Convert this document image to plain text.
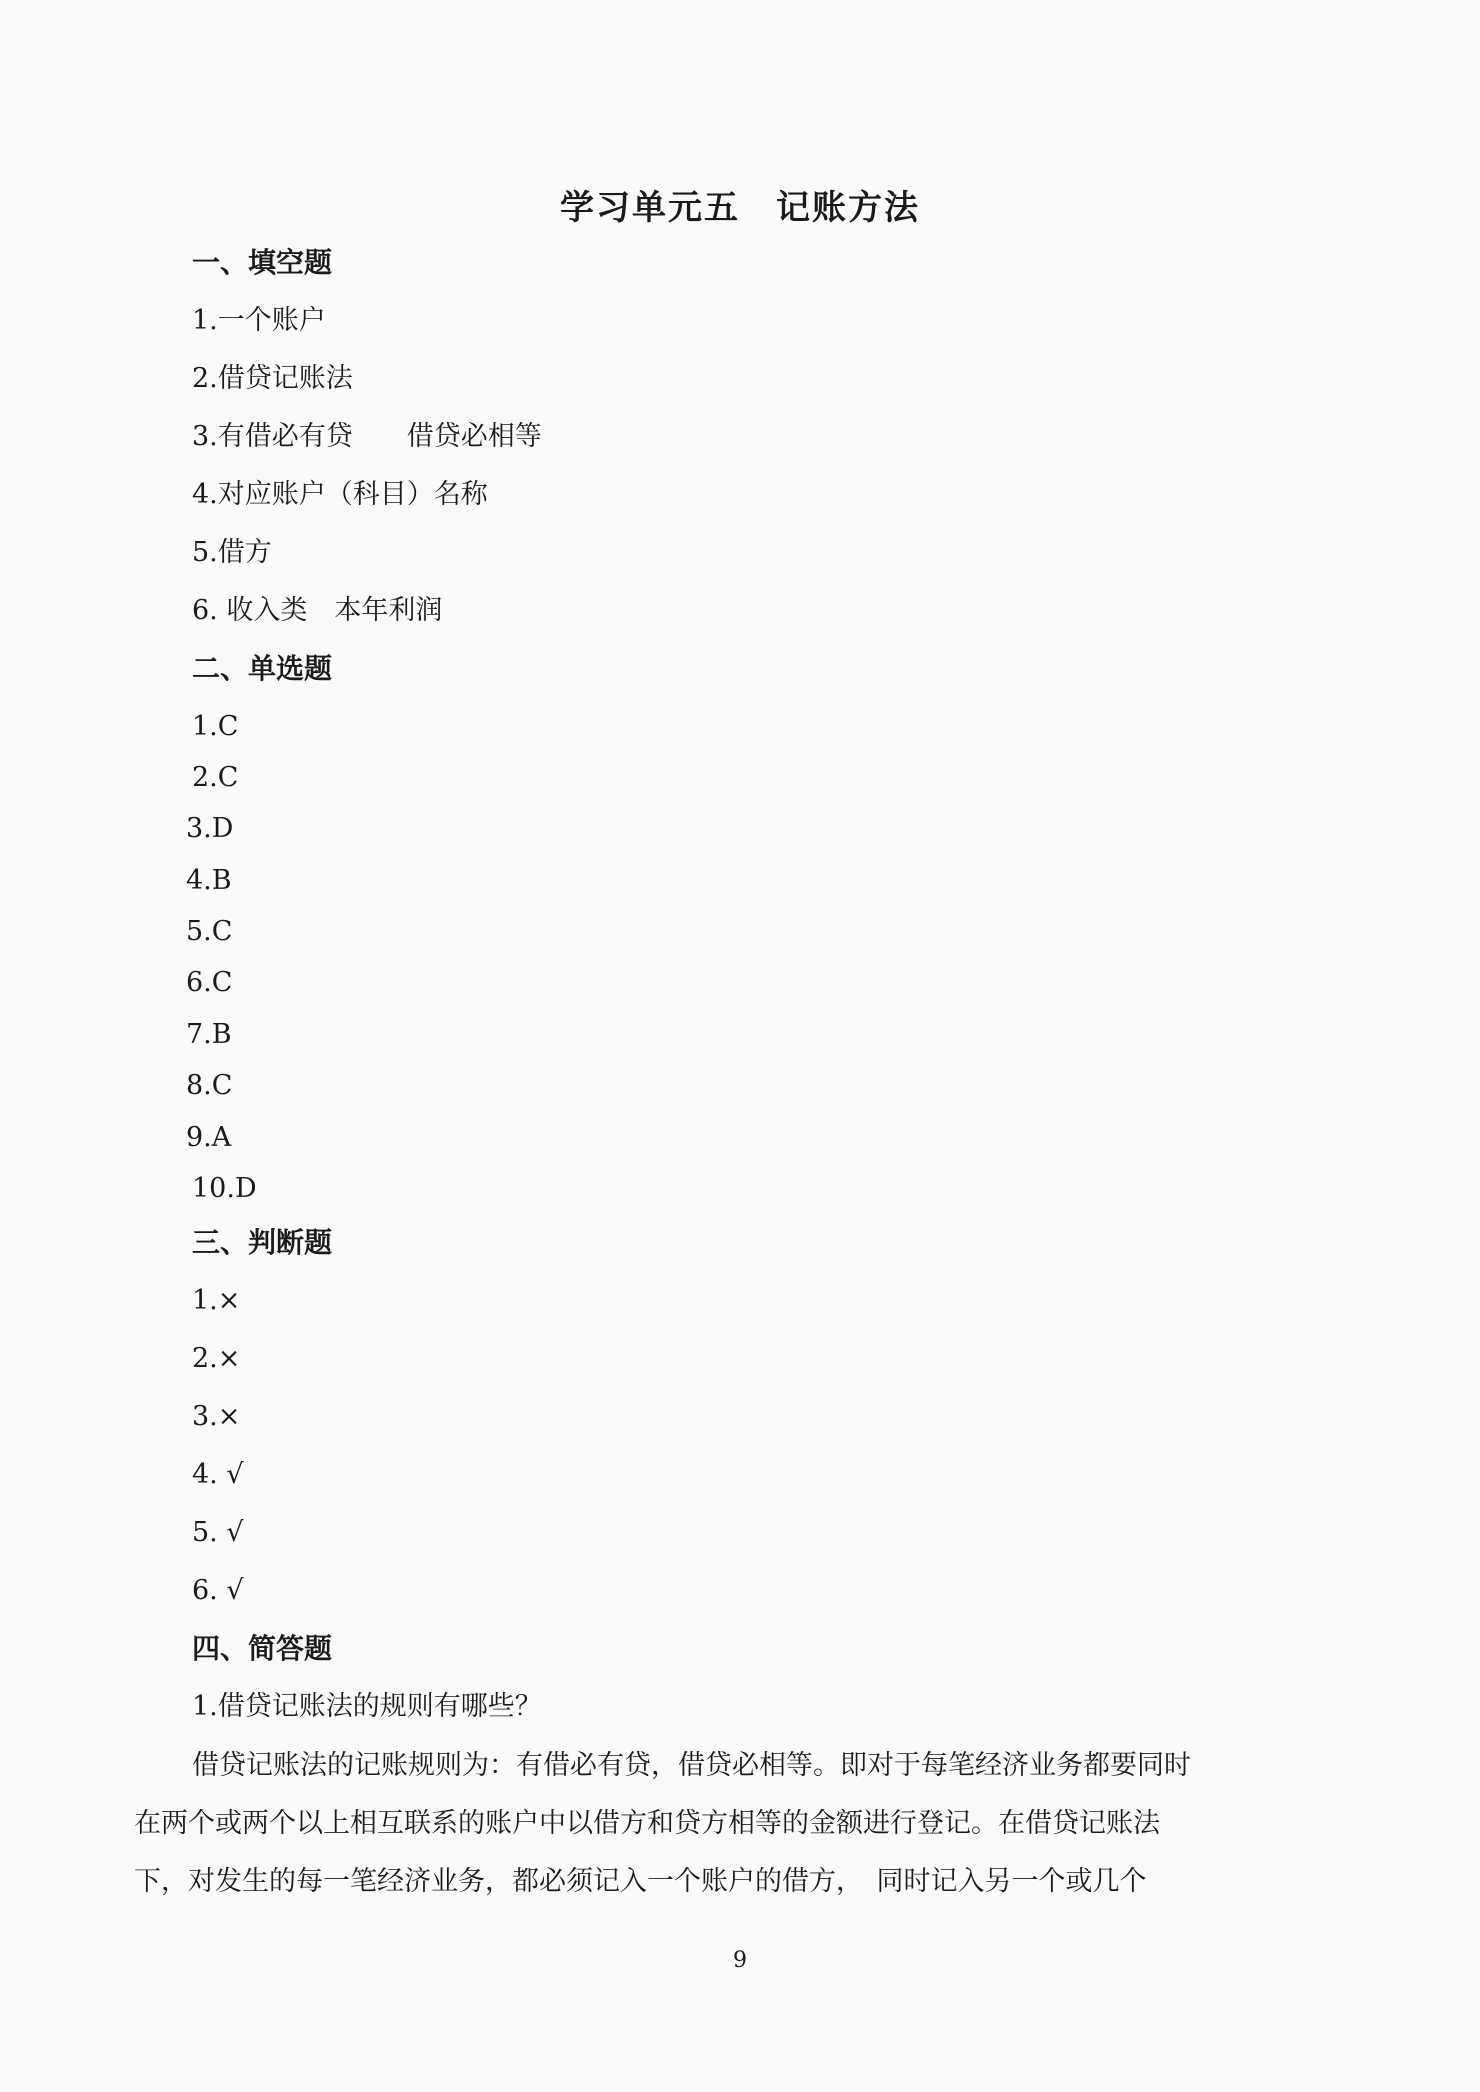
学习单元五　记账方法
一、填空题
1.一个账户
2.借贷记账法
3.有借必有贷　　借贷必相等
4.对应账户（科目）名称
5.借方
6. 收入类　本年利润
二、单选题
1.C
2.C
3.D
4.B
5.C
6.C
7.B
8.C
9.A
10.D
三、判断题
1.×
2.×
3.×
4. √
5. √
6. √
四、简答题
1.借贷记账法的规则有哪些？
借贷记账法的记账规则为：有借必有贷，借贷必相等。即对于每笔经济业务都要同时
在两个或两个以上相互联系的账户中以借方和贷方相等的金额进行登记。在借贷记账法
下，对发生的每一笔经济业务，都必须记入一个账户的借方，　同时记入另一个或几个
9
